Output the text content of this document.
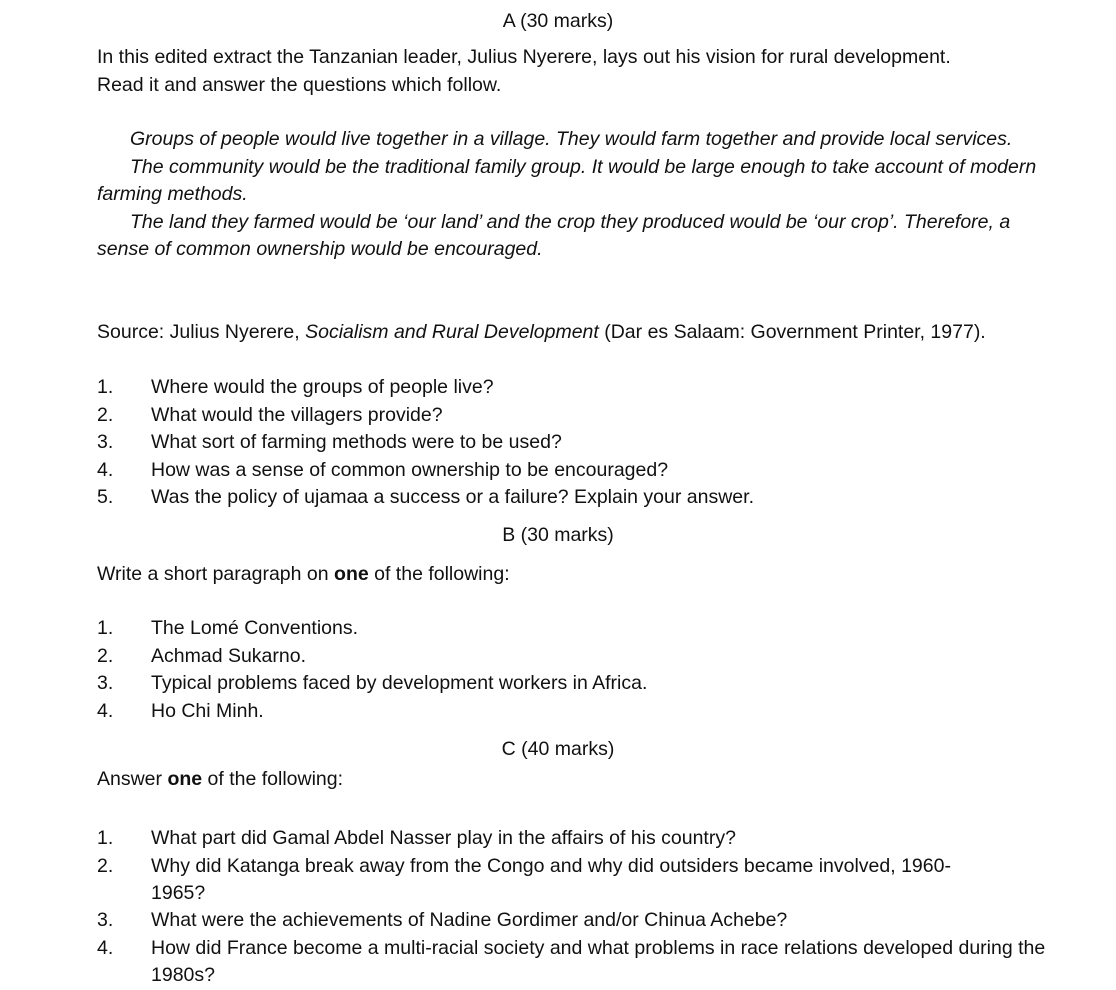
A (30 marks)
In this edited extract the Tanzanian leader, Julius Nyerere, lays out his vision for rural development.
Read it and answer the questions which follow.
Groups of people would live together in a village. They would farm together and provide local services.
The community would be the traditional family group. It would be large enough to take account of modern farming methods.
The land they farmed would be ‘our land’ and the crop they produced would be ‘our crop’. Therefore, a sense of common ownership would be encouraged.
Source: Julius Nyerere, Socialism and Rural Development (Dar es Salaam: Government Printer, 1977).
1. Where would the groups of people live?
2. What would the villagers provide?
3. What sort of farming methods were to be used?
4. How was a sense of common ownership to be encouraged?
5. Was the policy of ujamaa a success or a failure? Explain your answer.
B (30 marks)
Write a short paragraph on one of the following:
1. The Lomé Conventions.
2. Achmad Sukarno.
3. Typical problems faced by development workers in Africa.
4. Ho Chi Minh.
C (40 marks)
Answer one of the following:
1. What part did Gamal Abdel Nasser play in the affairs of his country?
2. Why did Katanga break away from the Congo and why did outsiders became involved, 1960-1965?
3. What were the achievements of Nadine Gordimer and/or Chinua Achebe?
4. How did France become a multi-racial society and what problems in race relations developed during the 1980s?
